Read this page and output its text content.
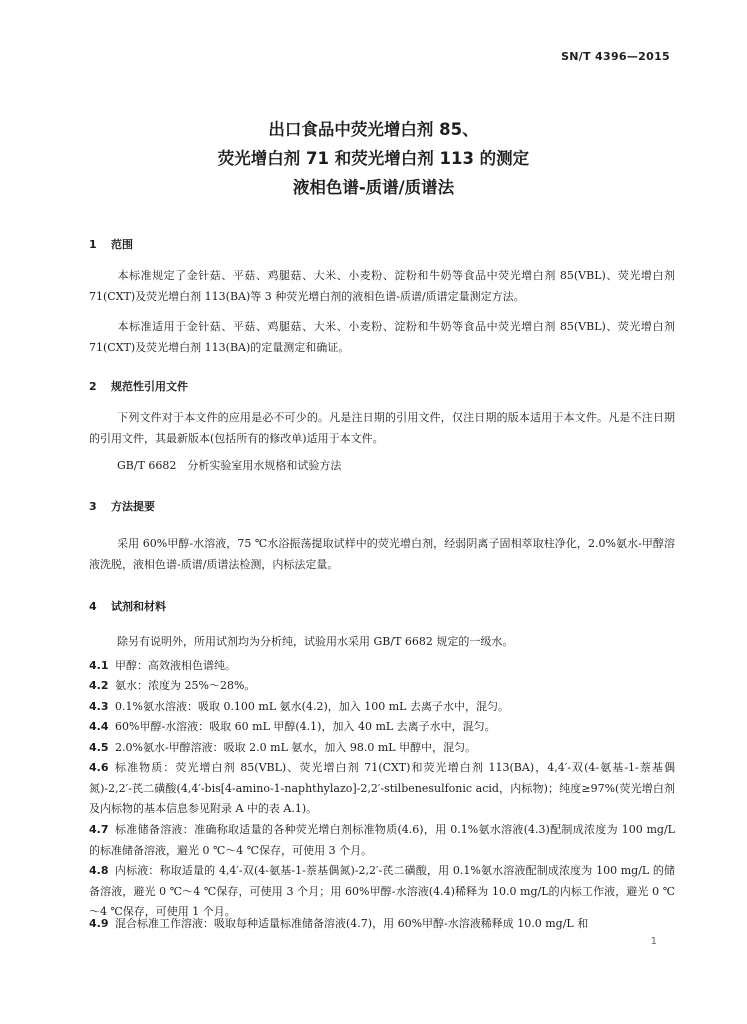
SN/T 4396—2015
出口食品中荧光增白剂 85、
荧光增白剂 71 和荧光增白剂 113 的测定
液相色谱-质谱/质谱法
1 范围
本标准规定了金针菇、平菇、鸡腿菇、大米、小麦粉、淀粉和牛奶等食品中荧光增白剂 85(VBL)、荧光增白剂 71(CXT)及荧光增白剂 113(BA)等 3 种荧光增白剂的液相色谱-质谱/质谱定量测定方法。
本标准适用于金针菇、平菇、鸡腿菇、大米、小麦粉、淀粉和牛奶等食品中荧光增白剂 85(VBL)、荧光增白剂 71(CXT)及荧光增白剂 113(BA)的定量测定和确证。
2 规范性引用文件
下列文件对于本文件的应用是必不可少的。凡是注日期的引用文件，仅注日期的版本适用于本文件。凡是不注日期的引用文件，其最新版本(包括所有的修改单)适用于本文件。
GB/T 6682　分析实验室用水规格和试验方法
3 方法提要
采用 60%甲醇-水溶液，75 ℃水浴振荡提取试样中的荧光增白剂，经弱阴离子固相萃取柱净化，2.0%氨水-甲醇溶液洗脱，液相色谱-质谱/质谱法检测，内标法定量。
4 试剂和材料
除另有说明外，所用试剂均为分析纯，试验用水采用 GB/T 6682 规定的一级水。
4.1 甲醇：高效液相色谱纯。
4.2 氨水：浓度为 25%～28%。
4.3 0.1%氨水溶液：吸取 0.100 mL 氨水(4.2)，加入 100 mL 去离子水中，混匀。
4.4 60%甲醇-水溶液：吸取 60 mL 甲醇(4.1)，加入 40 mL 去离子水中，混匀。
4.5 2.0%氨水-甲醇溶液：吸取 2.0 mL 氨水，加入 98.0 mL 甲醇中，混匀。
4.6 标准物质：荧光增白剂 85(VBL)、荧光增白剂 71(CXT)和荧光增白剂 113(BA)，4,4′-双(4-氨基-1-萘基偶氮)-2,2′-芪二磺酸(4,4′-bis[4-amino-1-naphthylazo]-2,2′-stilbenesulfonic acid，内标物)；纯度≥97%(荧光增白剂及内标物的基本信息参见附录 A 中的表 A.1)。
4.7 标准储备溶液：准确称取适量的各种荧光增白剂标准物质(4.6)，用 0.1%氨水溶液(4.3)配制成浓度为 100 mg/L 的标准储备溶液，避光 0 ℃～4 ℃保存，可使用 3 个月。
4.8 内标液：称取适量的 4,4′-双(4-氨基-1-萘基偶氮)-2,2′-芪二磺酸，用 0.1%氨水溶液配制成浓度为 100 mg/L 的储备溶液，避光 0 ℃～4 ℃保存，可使用 3 个月；用 60%甲醇-水溶液(4.4)稀释为 10.0 mg/L的内标工作液，避光 0 ℃～4 ℃保存，可使用 1 个月。
4.9 混合标准工作溶液：吸取每种适量标准储备溶液(4.7)，用 60%甲醇-水溶液稀释成 10.0 mg/L 和
1
